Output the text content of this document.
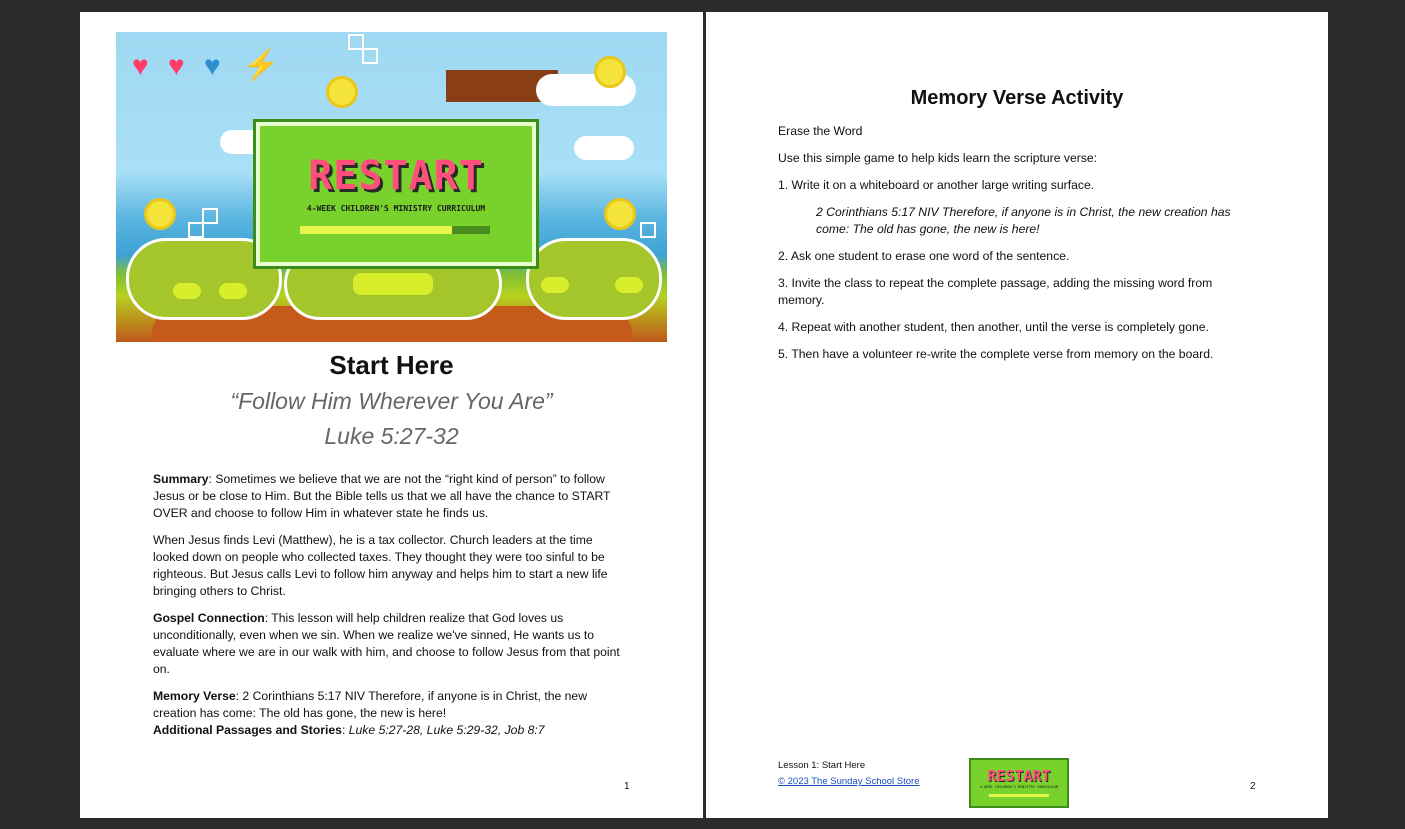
♥ ♥ ♥ ⚡
RESTART
4-WEEK CHILDREN'S MINISTRY CURRICULUM
Start Here
“Follow Him Wherever You Are”
Luke 5:27-32

Summary: Sometimes we believe that we are not the “right kind of person” to follow Jesus or be close to Him. But the Bible tells us that we all have the chance to START OVER and choose to follow Him in whatever state he finds us.

When Jesus finds Levi (Matthew), he is a tax collector. Church leaders at the time looked down on people who collected taxes. They thought they were too sinful to be righteous. But Jesus calls Levi to follow him anyway and helps him to start a new life bringing others to Christ.

Gospel Connection: This lesson will help children realize that God loves us unconditionally, even when we sin. When we realize we've sinned, He wants us to evaluate where we are in our walk with him, and choose to follow Jesus from that point on.

Memory Verse: 2 Corinthians 5:17 NIV Therefore, if anyone is in Christ, the new creation has come: The old has gone, the new is here!

Additional Passages and Stories: Luke 5:27-28, Luke 5:29-32, Job 8:7

1
Memory Verse Activity

Erase the Word

Use this simple game to help kids learn the scripture verse:

1. Write it on a whiteboard or another large writing surface.

2 Corinthians 5:17 NIV Therefore, if anyone is in Christ, the new creation has come: The old has gone, the new is here!

2. Ask one student to erase one word of the sentence.

3. Invite the class to repeat the complete passage, adding the missing word from memory.

4. Repeat with another student, then another, until the verse is completely gone.

5. Then have a volunteer re-write the complete verse from memory on the board.

Lesson 1: Start Here
© 2023 The Sunday School Store	RESTART
4-WEEK CHILDREN'S MINISTRY CURRICULUM	2
